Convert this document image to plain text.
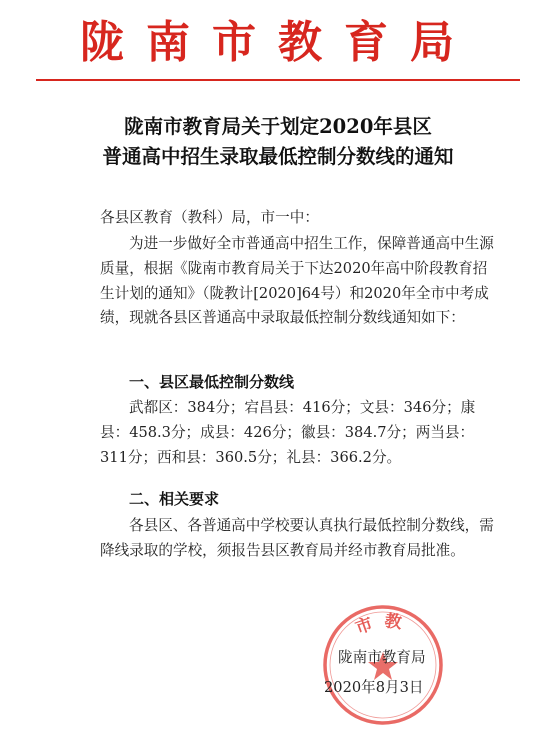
陇南市教育局
陇南市教育局关于划定2020年县区
普通高中招生录取最低控制分数线的通知
各县区教育（教科）局，市一中：
为进一步做好全市普通高中招生工作，保障普通高中生源质量，根据《陇南市教育局关于下达2020年高中阶段教育招生计划的通知》（陇教计[2020]64号）和2020年全市中考成绩，现就各县区普通高中录取最低控制分数线通知如下：
一、县区最低控制分数线
武都区：384分；宕昌县：416分；文县：346分；康县：458.3分；成县：426分；徽县：384.7分；两当县：311分；西和县：360.5分；礼县：366.2分。
二、相关要求
各县区、各普通高中学校要认真执行最低控制分数线，需降线录取的学校，须报告县区教育局并经市教育局批准。
市 教
陇南市教育局
2020年8月3日
